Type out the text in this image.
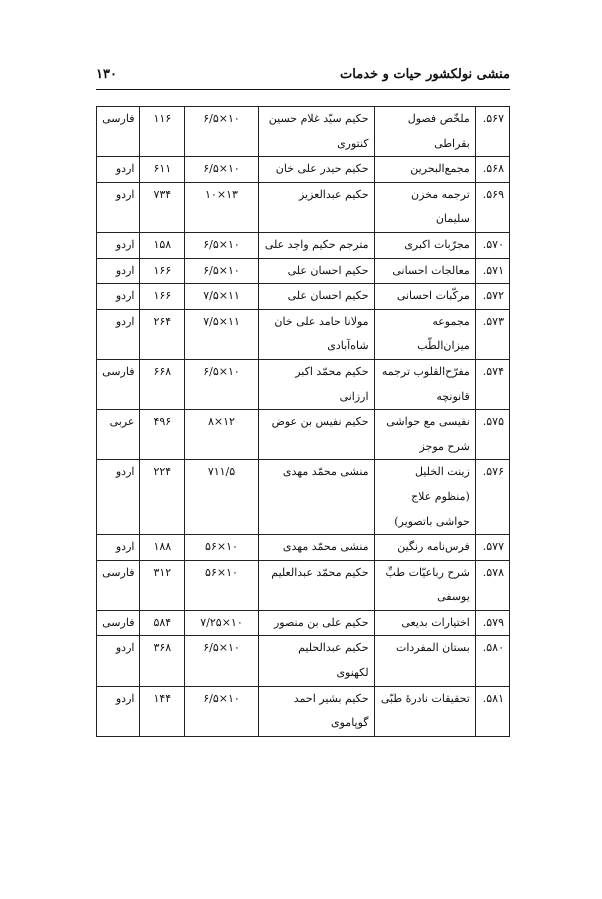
منشی نولکشور حیات و خدمات
۱۳۰
۵۶۷.	ملخّص فصول بقراطی	حکیم سیّد غلام حسین کنتوری	۱۰×۶/۵	۱۱۶	فارسی
۵۶۸.	مجمع‌البحرین	حکیم حیدر علی خان	۱۰×۶/۵	۶۱۱	اردو
۵۶۹.	ترجمه مخزن سلیمان	حکیم عبدالعزیز	۱۳×۱۰	۷۳۴	اردو
۵۷۰.	مجرّبات اکبری	مترجم حکیم واجد علی	۱۰×۶/۵	۱۵۸	اردو
۵۷۱.	معالجات احسانی	حکیم احسان علی	۱۰×۶/۵	۱۶۶	اردو
۵۷۲.	مرکّبات احسانی	حکیم احسان علی	۱۱×۷/۵	۱۶۶	اردو
۵۷۳.	مجموعه میزان‌الطّب	مولانا حامد علی خان شاه‌آبادی	۱۱×۷/۵	۲۶۴	اردو
۵۷۴.	مفرّح‌القلوب ترجمه قانونچه	حکیم محمّد اکبر ارزانی	۱۰×۶/۵	۶۶۸	فارسی
۵۷۵.	نفیسی مع حواشی شرح موجز	حکیم نفیس بن عوض	۱۲×۸	۴۹۶	عربی
۵۷۶.	زینت الخلیل (منظوم علاج حواشی باتصویر)	منشی محمّد مهدی	۷۱۱/۵	۲۲۴	اردو
۵۷۷.	فرس‌نامه رنگین	منشی محمّد مهدی	۱۰×۵۶	۱۸۸	اردو
۵۷۸.	شرح رباعیّات طبِّ یوسفی	حکیم محمّد عبدالعلیم	۱۰×۵۶	۳۱۲	فارسی
۵۷۹.	اختیارات بدیعی	حکیم علی بن منصور	۱۰×۷/۲۵	۵۸۴	فارسی
۵۸۰.	بستان المفردات	حکیم عبدالحلیم لکهنوی	۱۰×۶/۵	۳۶۸	اردو
۵۸۱.	تحقیقات نادرهٔ طبّی	حکیم بشیر احمد گوپاموی	۱۰×۶/۵	۱۴۴	اردو
